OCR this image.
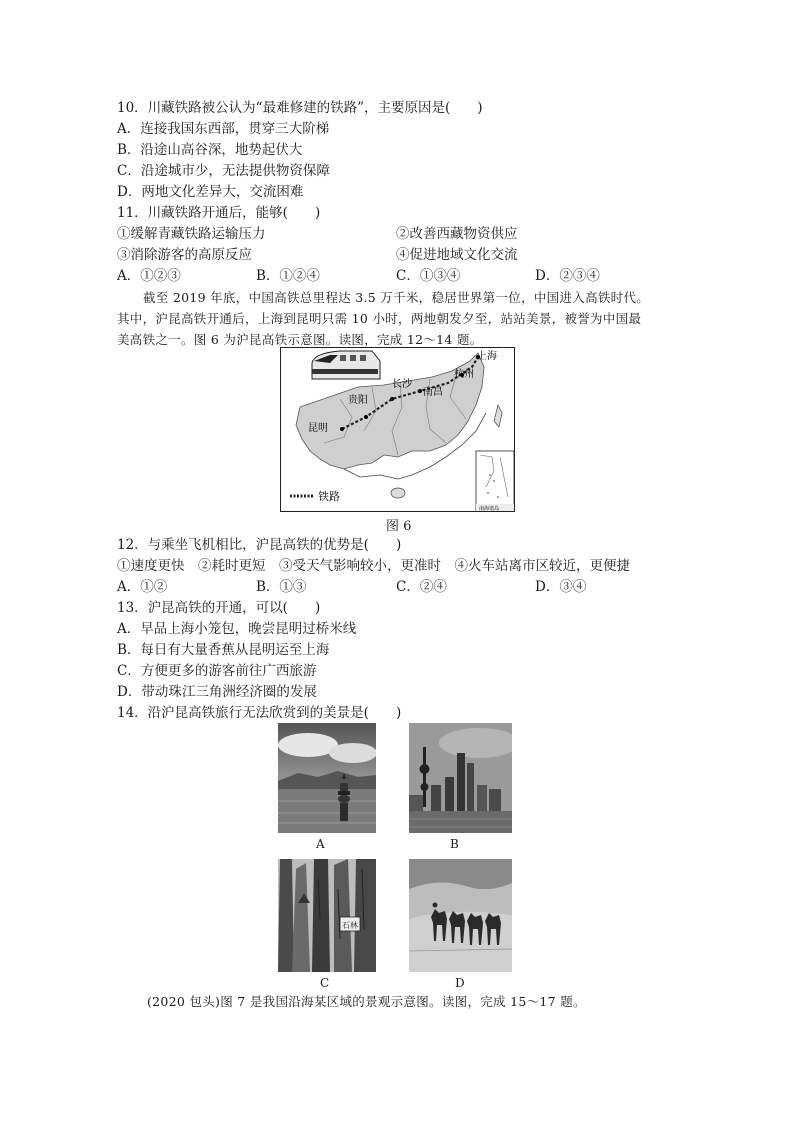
10．川藏铁路被公认为“最难修建的铁路”，主要原因是(　　)
A．连接我国东西部，贯穿三大阶梯
B．沿途山高谷深，地势起伏大
C．沿途城市少，无法提供物资保障
D．两地文化差异大，交流困难
11．川藏铁路开通后，能够(　　)
①缓解青藏铁路运输压力	②改善西藏物资供应
③消除游客的高原反应	④促进地域文化交流
A．①②③	B．①②④	C．①③④	D．②③④
截至 2019 年底，中国高铁总里程达 3.5 万千米，稳居世界第一位，中国进入高铁时代。
其中，沪昆高铁开通后，上海到昆明只需 10 小时，两地朝发夕至，站站美景，被誉为中国最
美高铁之一。图 6 为沪昆高铁示意图。读图，完成 12～14 题。
上海
杭州
长沙
南昌
贵阳
昆明
南海诸岛
铁路
图 6
12．与乘坐飞机相比，沪昆高铁的优势是(　　)
①速度更快　②耗时更短　③受天气影响较小，更准时　④火车站离市区较近，更便捷
A．①②	B．①③	C．②④	D．③④
13．沪昆高铁的开通，可以(　　)
A．早品上海小笼包，晚尝昆明过桥米线
B．每日有大量香蕉从昆明运至上海
C．方便更多的游客前往广西旅游
D．带动珠江三角洲经济圈的发展
14．沿沪昆高铁旅行无法欣赏到的美景是(　　)
A	B
石林
C	D
(2020 包头)图 7 是我国沿海某区域的景观示意图。读图，完成 15～17 题。
